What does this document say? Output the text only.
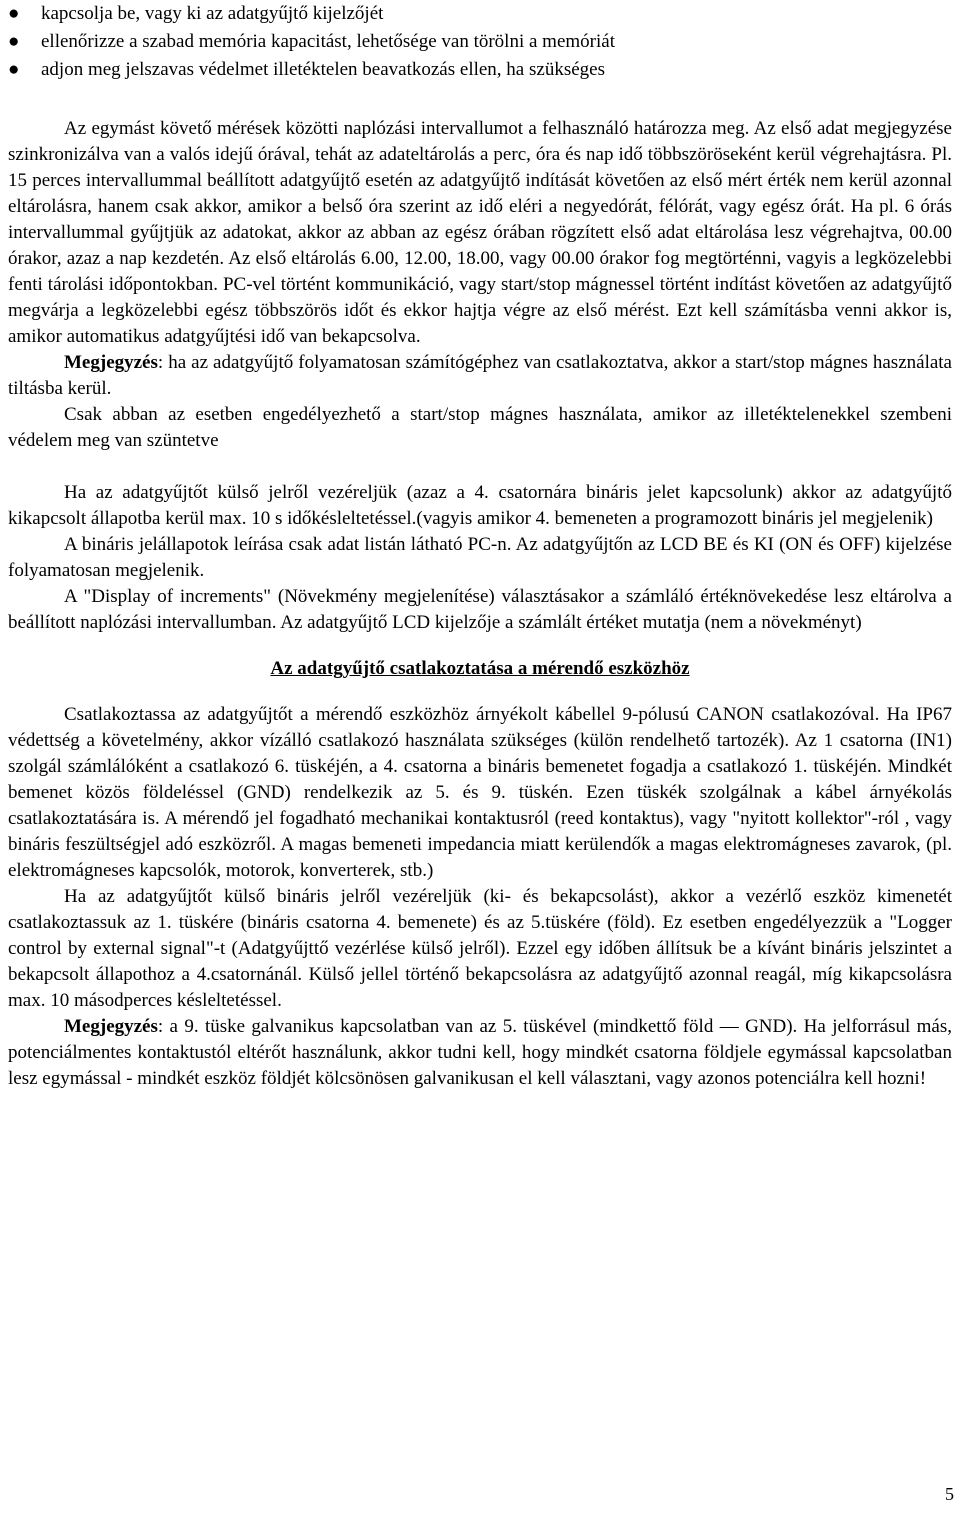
● kapcsolja be, vagy ki az adatgyűjtő kijelzőjét
● ellenőrizze a szabad memória kapacitást, lehetősége van törölni a memóriát
● adjon meg jelszavas védelmet illetéktelen beavatkozás ellen, ha szükséges

Az egymást követő mérések közötti naplózási intervallumot a felhasználó határozza meg. Az első adat megjegyzése szinkronizálva van a valós idejű órával, tehát az adateltárolás a perc, óra és nap idő többszöröseként kerül végrehajtásra. Pl. 15 perces intervallummal beállított adatgyűjtő esetén az adatgyűjtő indítását követően az első mért érték nem kerül azonnal eltárolásra, hanem csak akkor, amikor a belső óra szerint az idő eléri a negyedórát, félórát, vagy egész órát. Ha pl. 6 órás intervallummal gyűjtjük az adatokat, akkor az abban az egész órában rögzített első adat eltárolása lesz végrehajtva, 00.00 órakor, azaz a nap kezdetén. Az első eltárolás 6.00, 12.00, 18.00, vagy 00.00 órakor fog megtörténni, vagyis a legközelebbi fenti tárolási időpontokban. PC-vel történt kommunikáció, vagy start/stop mágnessel történt indítást követően az adatgyűjtő megvárja a legközelebbi egész többszörös időt és ekkor hajtja végre az első mérést. Ezt kell számításba venni akkor is, amikor automatikus adatgyűjtési idő van bekapcsolva.

Megjegyzés: ha az adatgyűjtő folyamatosan számítógéphez van csatlakoztatva, akkor a start/stop mágnes használata tiltásba kerül.

Csak abban az esetben engedélyezhető a start/stop mágnes használata, amikor az illetéktelenekkel szembeni védelem meg van szüntetve

Ha az adatgyűjtőt külső jelről vezéreljük (azaz a 4. csatornára bináris jelet kapcsolunk) akkor az adatgyűjtő kikapcsolt állapotba kerül max. 10 s időkésleltetéssel.(vagyis amikor 4. bemeneten a programozott bináris jel megjelenik)

A bináris jelállapotok leírása csak adat listán látható PC-n. Az adatgyűjtőn az LCD BE és KI (ON és OFF) kijelzése folyamatosan megjelenik.

A "Display of increments" (Növekmény megjelenítése) választásakor a számláló értéknövekedése lesz eltárolva a beállított naplózási intervallumban. Az adatgyűjtő LCD kijelzője a számlált értéket mutatja (nem a növekményt)

Az adatgyűjtő csatlakoztatása a mérendő eszközhöz

Csatlakoztassa az adatgyűjtőt a mérendő eszközhöz árnyékolt kábellel 9-pólusú CANON csatlakozóval. Ha IP67 védettség a követelmény, akkor vízálló csatlakozó használata szükséges (külön rendelhető tartozék). Az 1 csatorna (IN1) szolgál számlálóként a csatlakozó 6. tüskéjén, a 4. csatorna a bináris bemenetet fogadja a csatlakozó 1. tüskéjén. Mindkét bemenet közös földeléssel (GND) rendelkezik az 5. és 9. tüskén. Ezen tüskék szolgálnak a kábel árnyékolás csatlakoztatására is. A mérendő jel fogadható mechanikai kontaktusról (reed kontaktus), vagy "nyitott kollektor"-ról , vagy bináris feszültségjel adó eszközről. A magas bemeneti impedancia miatt kerülendők a magas elektromágneses zavarok, (pl. elektromágneses kapcsolók, motorok, konverterek, stb.)

Ha az adatgyűjtőt külső bináris jelről vezéreljük (ki- és bekapcsolást), akkor a vezérlő eszköz kimenetét csatlakoztassuk az 1. tüskére (bináris csatorna 4. bemenete) és az 5.tüskére (föld). Ez esetben engedélyezzük a "Logger control by external signal"-t (Adatgyűjttő vezérlése külső jelről). Ezzel egy időben állítsuk be a kívánt bináris jelszintet a bekapcsolt állapothoz a 4.csatornánál. Külső jellel történő bekapcsolásra az adatgyűjtő azonnal reagál, míg kikapcsolásra max. 10 másodperces késleltetéssel.

Megjegyzés: a 9. tüske galvanikus kapcsolatban van az 5. tüskével (mindkettő föld — GND). Ha jelforrásul más, potenciálmentes kontaktustól eltérőt használunk, akkor tudni kell, hogy mindkét csatorna földjele egymással kapcsolatban lesz egymással - mindkét eszköz földjét kölcsönösen galvanikusan el kell választani, vagy azonos potenciálra kell hozni!

5
